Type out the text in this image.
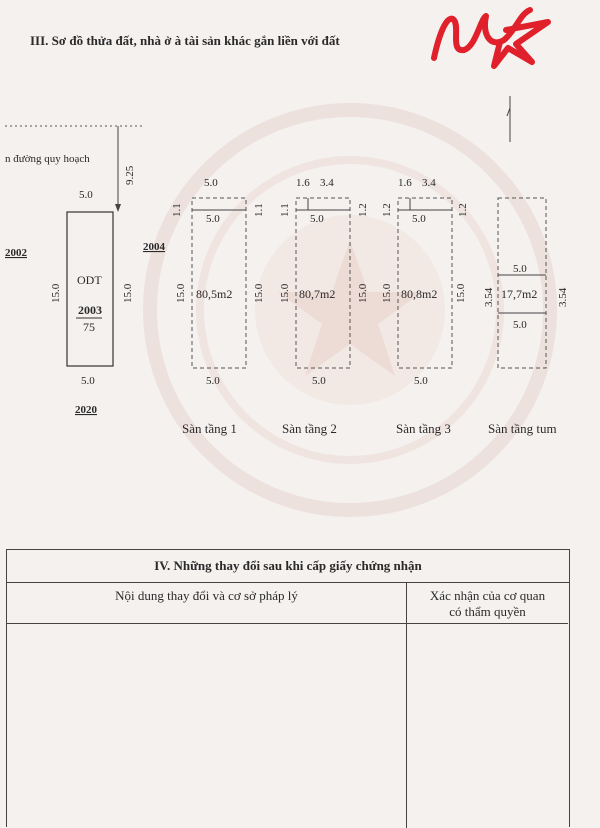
III. Sơ đồ thửa đất, nhà ở à tài sản khác gắn liền với đất
n đường quy hoạch
9.25
5.0
5.0
15.0	15.0
ODT
2003
75
2002	2004
2020
5.0
5.0
80,5m2
5.0
15.0	15.0
1.1	1.1
1.6 3.4
5.0
80,7m2
5.0
15.0	15.0
1.1	1.2
1.6 3.4
5.0
80,8m2
5.0
15.0	15.0
1.2	1.2
5.0
17,7m2
5.0
3.54	3.54
Sàn tầng 1	Sàn tầng 2	Sàn tầng 3	Sàn tầng tum
IV. Những thay đổi sau khi cấp giấy chứng nhận
Nội dung thay đổi và cơ sở pháp lý	Xác nhận của cơ quan
có thẩm quyền
